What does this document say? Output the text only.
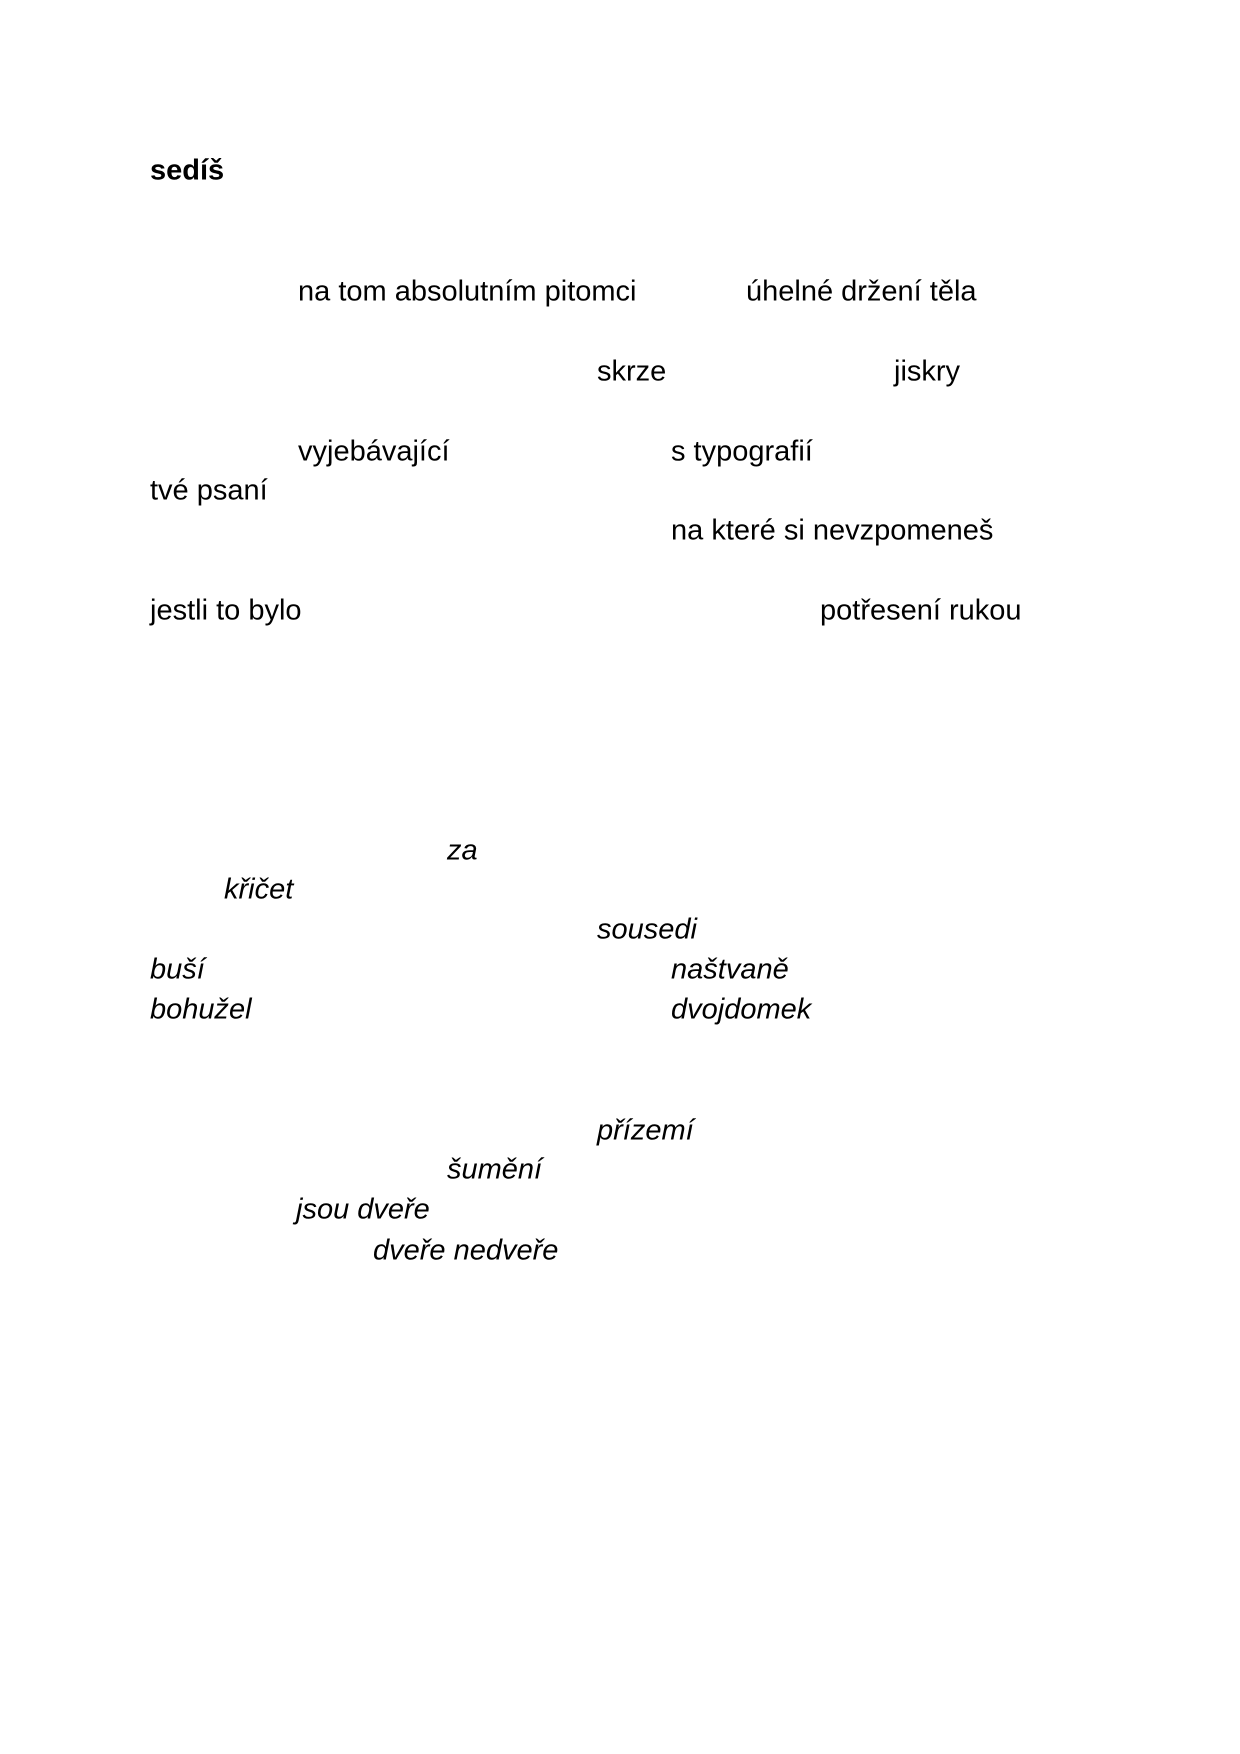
sedíš
na tom absolutním pitomci	úhelné držení těla
skrze	jiskry
vyjebávající	s typografií
tvé psaní
na které si nevzpomeneš
jestli to bylo	potřesení rukou
za
křičet
sousedi
buší	naštvaně
bohužel	dvojdomek
přízemí
šumění
jsou dveře
dveře nedveře
